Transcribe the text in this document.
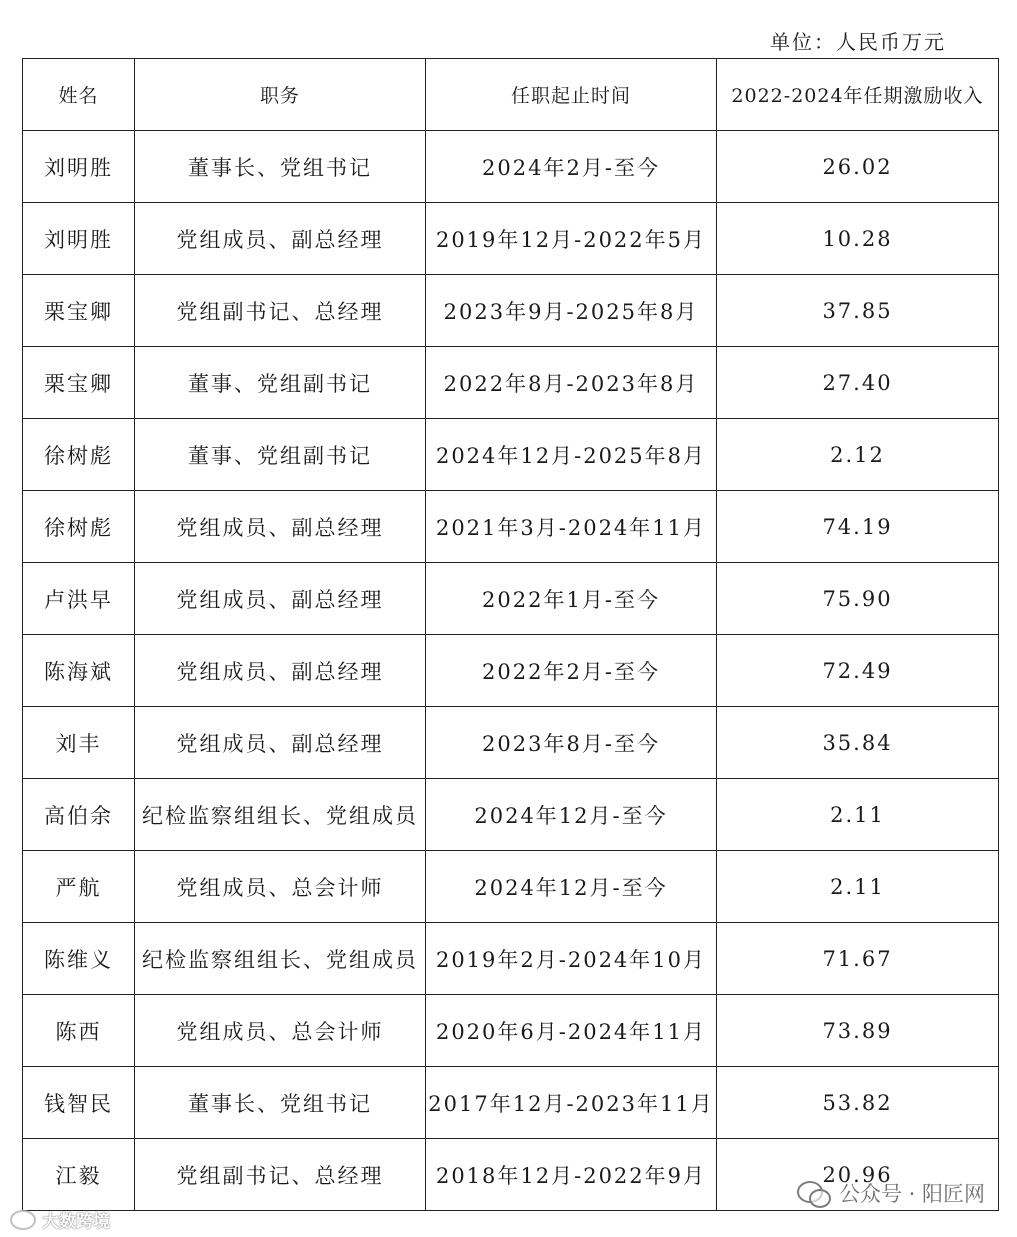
单位：人民币万元
姓名	职务	任职起止时间	2022-2024年任期激励收入
刘明胜	董事长、党组书记	2024年2月-至今	26.02
刘明胜	党组成员、副总经理	2019年12月-2022年5月	10.28
栗宝卿	党组副书记、总经理	2023年9月-2025年8月	37.85
栗宝卿	董事、党组副书记	2022年8月-2023年8月	27.40
徐树彪	董事、党组副书记	2024年12月-2025年8月	2.12
徐树彪	党组成员、副总经理	2021年3月-2024年11月	74.19
卢洪早	党组成员、副总经理	2022年1月-至今	75.90
陈海斌	党组成员、副总经理	2022年2月-至今	72.49
刘丰	党组成员、副总经理	2023年8月-至今	35.84
高伯余	纪检监察组组长、党组成员	2024年12月-至今	2.11
严航	党组成员、总会计师	2024年12月-至今	2.11
陈维义	纪检监察组组长、党组成员	2019年2月-2024年10月	71.67
陈西	党组成员、总会计师	2020年6月-2024年11月	73.89
钱智民	董事长、党组书记	2017年12月-2023年11月	53.82
江毅	党组副书记、总经理	2018年12月-2022年9月	20.96
公众号 · 阳匠网
大数跨境
